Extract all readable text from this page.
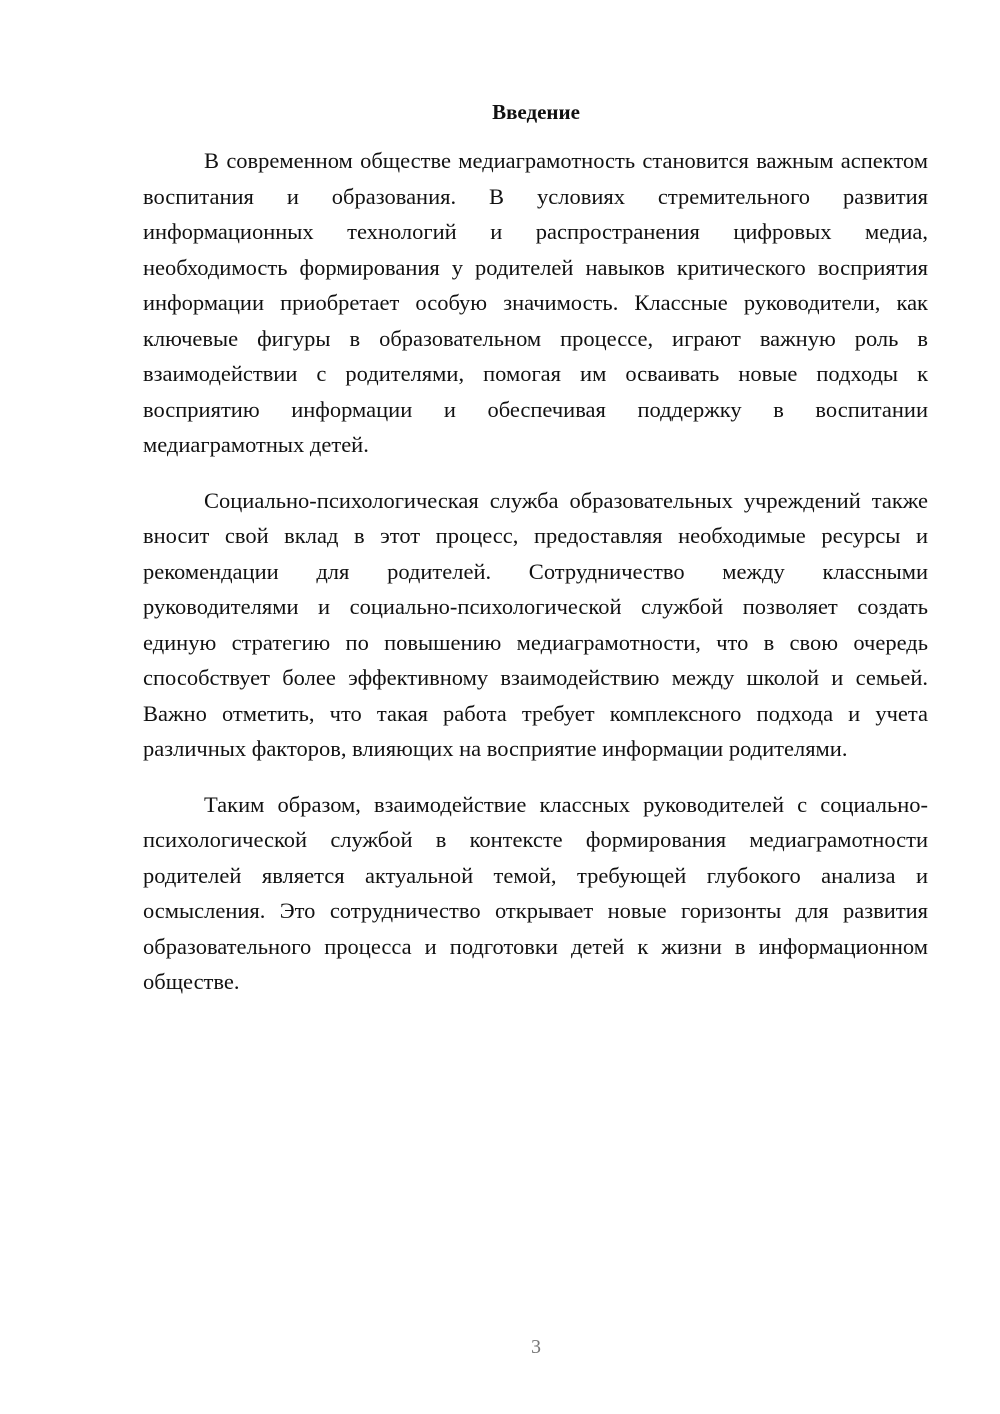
Введение

В современном обществе медиаграмотность становится важным аспектом воспитания и образования. В условиях стремительного развития информационных технологий и распространения цифровых медиа, необходимость формирования у родителей навыков критического восприятия информации приобретает особую значимость. Классные руководители, как ключевые фигуры в образовательном процессе, играют важную роль в взаимодействии с родителями, помогая им осваивать новые подходы к восприятию информации и обеспечивая поддержку в воспитании медиаграмотных детей.

Социально-психологическая служба образовательных учреждений также вносит свой вклад в этот процесс, предоставляя необходимые ресурсы и рекомендации для родителей. Сотрудничество между классными руководителями и социально-психологической службой позволяет создать единую стратегию по повышению медиаграмотности, что в свою очередь способствует более эффективному взаимодействию между школой и семьей. Важно отметить, что такая работа требует комплексного подхода и учета различных факторов, влияющих на восприятие информации родителями.

Таким образом, взаимодействие классных руководителей с социально-психологической службой в контексте формирования медиаграмотности родителей является актуальной темой, требующей глубокого анализа и осмысления. Это сотрудничество открывает новые горизонты для развития образовательного процесса и подготовки детей к жизни в информационном обществе.

3
